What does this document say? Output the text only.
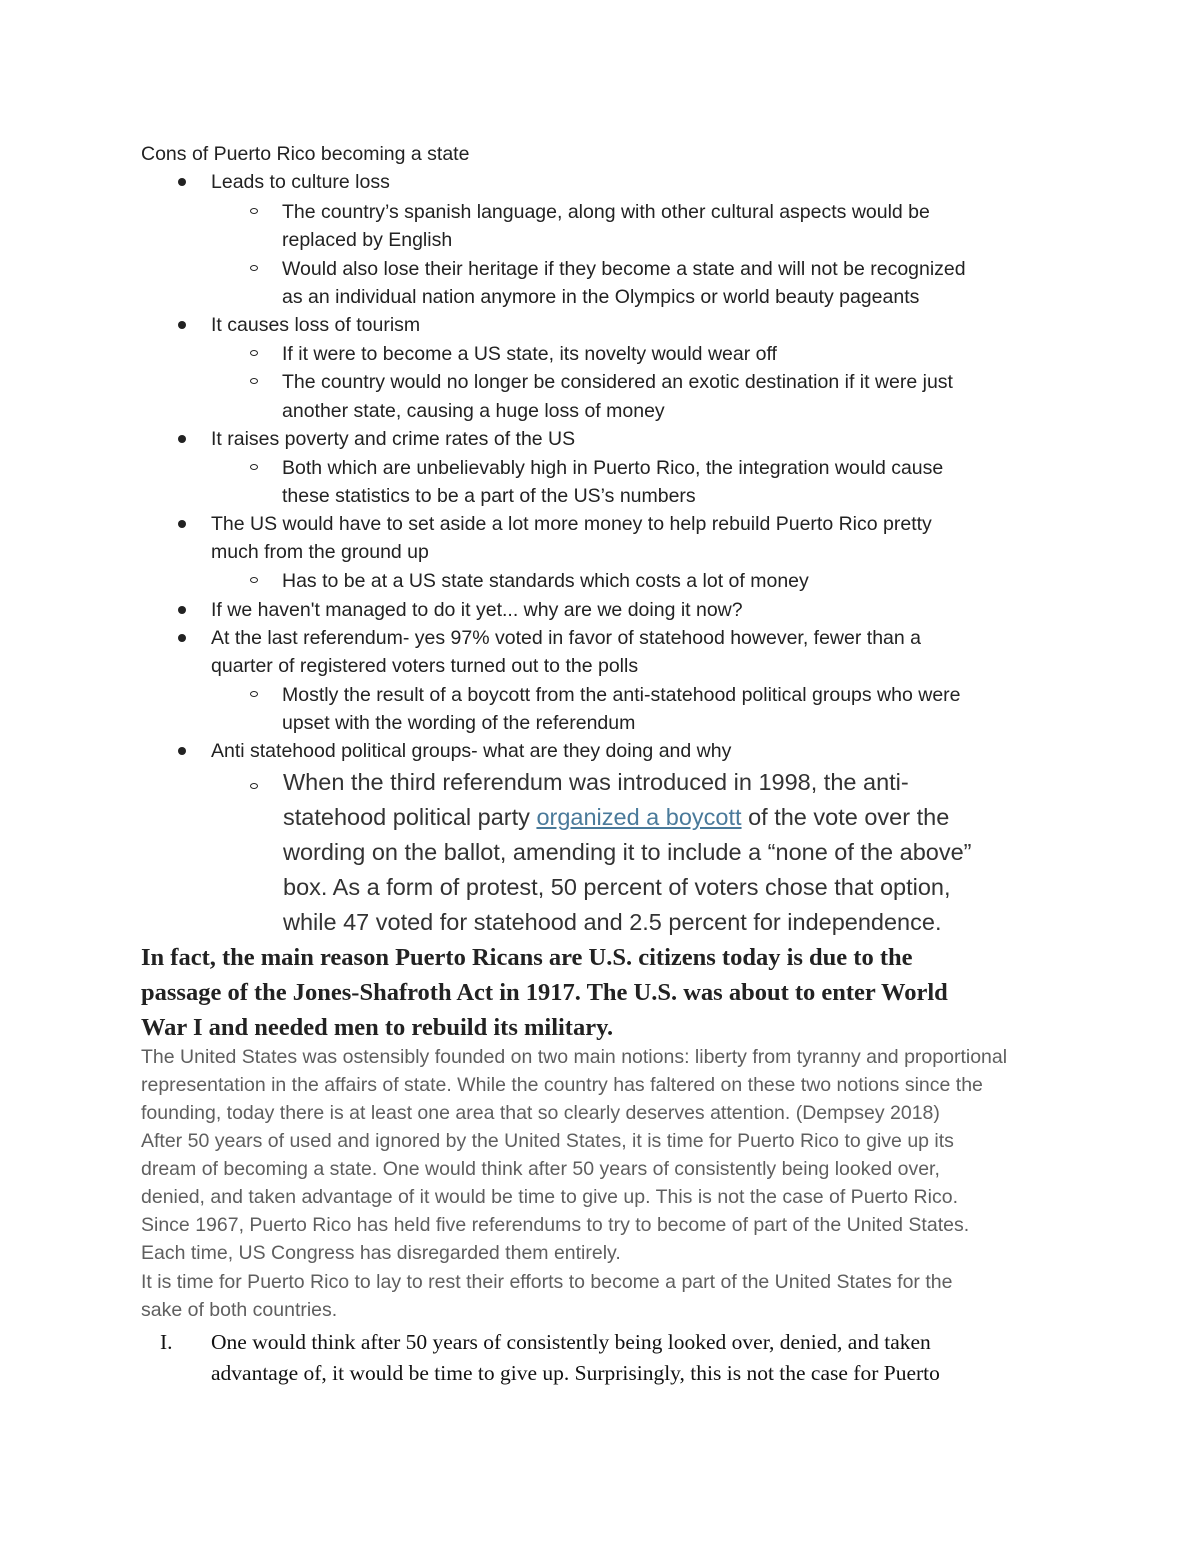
Cons of Puerto Rico becoming a state
Leads to culture loss
The country’s spanish language, along with other cultural aspects would be
replaced by English
Would also lose their heritage if they become a state and will not be recognized
as an individual nation anymore in the Olympics or world beauty pageants
It causes loss of tourism
If it were to become a US state, its novelty would wear off
The country would no longer be considered an exotic destination if it were just
another state, causing a huge loss of money
It raises poverty and crime rates of the US
Both which are unbelievably high in Puerto Rico, the integration would cause
these statistics to be a part of the US’s numbers
The US would have to set aside a lot more money to help rebuild Puerto Rico pretty
much from the ground up
Has to be at a US state standards which costs a lot of money
If we haven't managed to do it yet... why are we doing it now?
At the last referendum- yes 97% voted in favor of statehood however, fewer than a
quarter of registered voters turned out to the polls
Mostly the result of a boycott from the anti-statehood political groups who were
upset with the wording of the referendum
Anti statehood political groups- what are they doing and why
When the third referendum was introduced in 1998, the anti-
statehood political party organized a boycott of the vote over the
wording on the ballot, amending it to include a “none of the above”
box. As a form of protest, 50 percent of voters chose that option,
while 47 voted for statehood and 2.5 percent for independence.
In fact, the main reason Puerto Ricans are U.S. citizens today is due to the
passage of the Jones-Shafroth Act in 1917. The U.S. was about to enter World
War I and needed men to rebuild its military.
The United States was ostensibly founded on two main notions: liberty from tyranny and proportional
representation in the affairs of state. While the country has faltered on these two notions since the
founding, today there is at least one area that so clearly deserves attention. (Dempsey 2018)
After 50 years of used and ignored by the United States, it is time for Puerto Rico to give up its
dream of becoming a state. One would think after 50 years of consistently being looked over,
denied, and taken advantage of it would be time to give up. This is not the case of Puerto Rico.
Since 1967, Puerto Rico has held five referendums to try to become of part of the United States.
Each time, US Congress has disregarded them entirely.
It is time for Puerto Rico to lay to rest their efforts to become a part of the United States for the
sake of both countries.
I. One would think after 50 years of consistently being looked over, denied, and taken
advantage of, it would be time to give up. Surprisingly, this is not the case for Puerto
